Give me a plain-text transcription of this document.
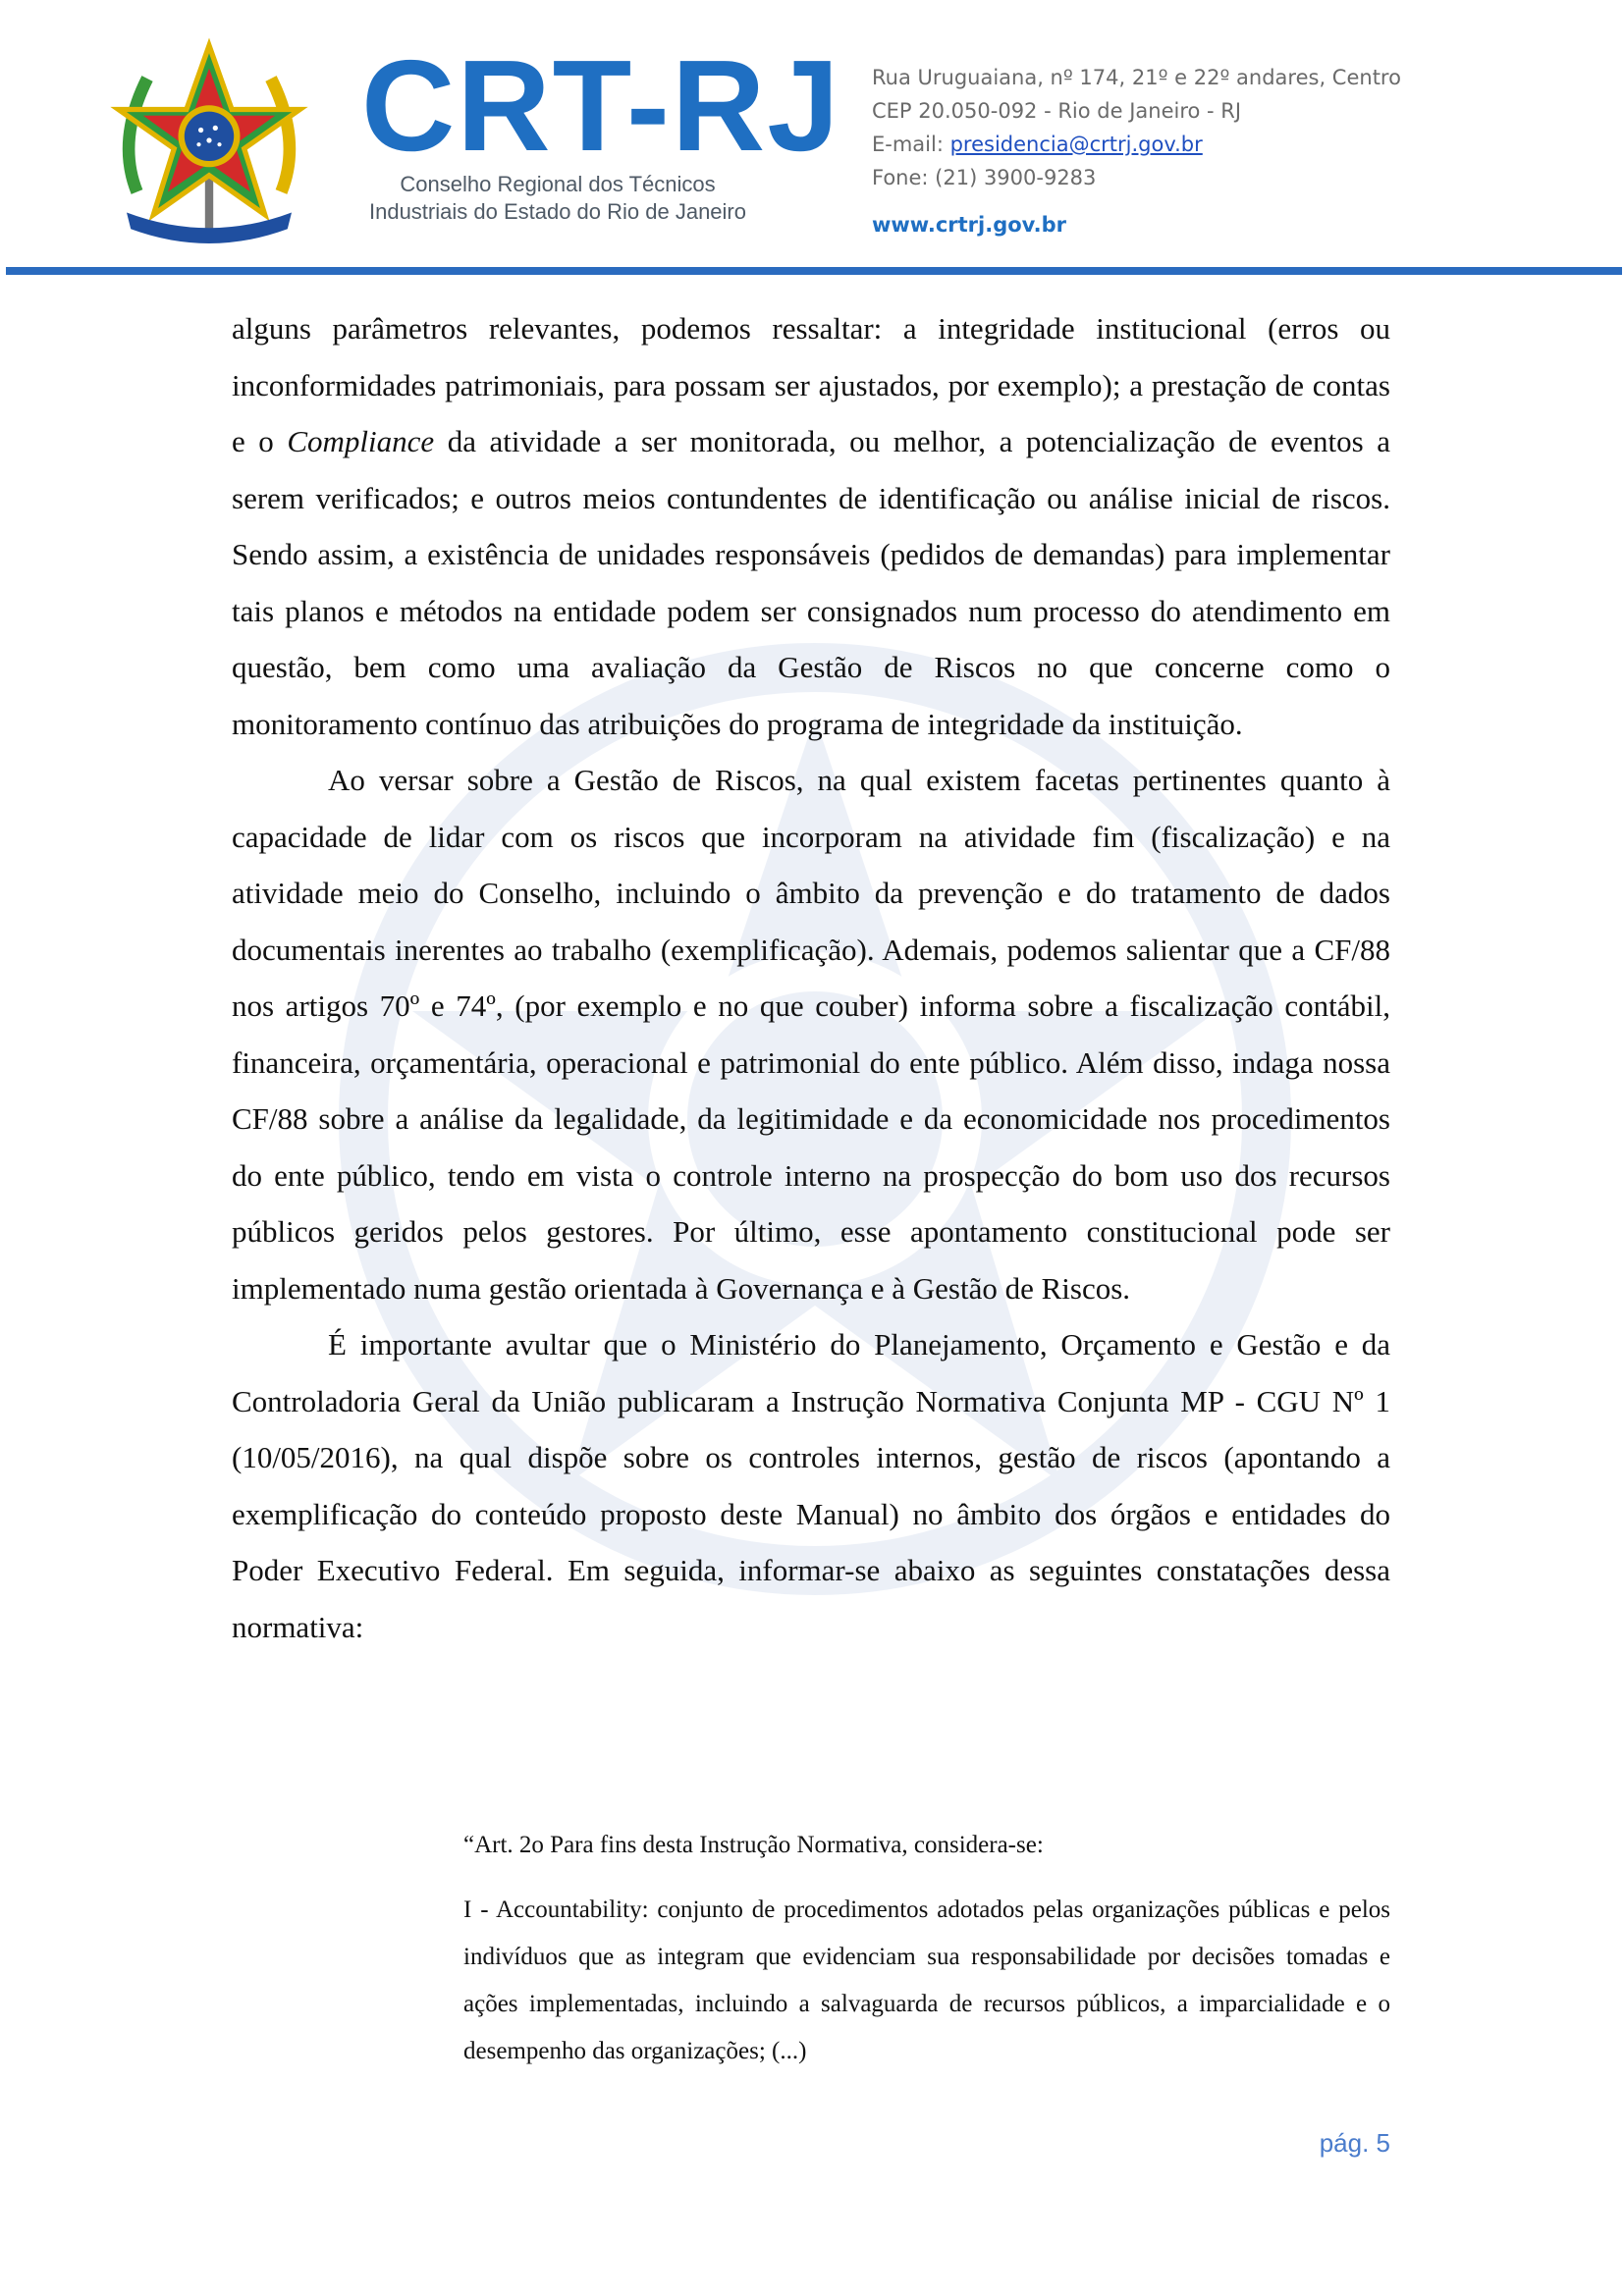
CRT-RJ
Conselho Regional dos Técnicos
Industriais do Estado do Rio de Janeiro
Rua Uruguaiana, nº 174, 21º e 22º andares, Centro
CEP 20.050-092 - Rio de Janeiro - RJ
E-mail: presidencia@crtrj.gov.br
Fone: (21) 3900-9283
www.crtrj.gov.br

alguns parâmetros relevantes, podemos ressaltar: a integridade institucional (erros ou inconformidades patrimoniais, para possam ser ajustados, por exemplo); a prestação de contas e o Compliance da atividade a ser monitorada, ou melhor, a potencialização de eventos a serem verificados; e outros meios contundentes de identificação ou análise inicial de riscos. Sendo assim, a existência de unidades responsáveis (pedidos de demandas) para implementar tais planos e métodos na entidade podem ser consignados num processo do atendimento em questão, bem como uma avaliação da Gestão de Riscos no que concerne como o monitoramento contínuo das atribuições do programa de integridade da instituição.

Ao versar sobre a Gestão de Riscos, na qual existem facetas pertinentes quanto à capacidade de lidar com os riscos que incorporam na atividade fim (fiscalização) e na atividade meio do Conselho, incluindo o âmbito da prevenção e do tratamento de dados documentais inerentes ao trabalho (exemplificação). Ademais, podemos salientar que a CF/88 nos artigos 70º e 74º, (por exemplo e no que couber) informa sobre a fiscalização contábil, financeira, orçamentária, operacional e patrimonial do ente público. Além disso, indaga nossa CF/88 sobre a análise da legalidade, da legitimidade e da economicidade nos procedimentos do ente público, tendo em vista o controle interno na prospecção do bom uso dos recursos públicos geridos pelos gestores. Por último, esse apontamento constitucional pode ser implementado numa gestão orientada à Governança e à Gestão de Riscos.

É importante avultar que o Ministério do Planejamento, Orçamento e Gestão e da Controladoria Geral da União publicaram a Instrução Normativa Conjunta MP - CGU Nº 1 (10/05/2016), na qual dispõe sobre os controles internos, gestão de riscos (apontando a exemplificação do conteúdo proposto deste Manual) no âmbito dos órgãos e entidades do Poder Executivo Federal. Em seguida, informar-se abaixo as seguintes constatações dessa normativa:

“Art. 2o Para fins desta Instrução Normativa, considera-se:

I - Accountability: conjunto de procedimentos adotados pelas organizações públicas e pelos indivíduos que as integram que evidenciam sua responsabilidade por decisões tomadas e ações implementadas, incluindo a salvaguarda de recursos públicos, a imparcialidade e o desempenho das organizações; (...)

pág. 5
